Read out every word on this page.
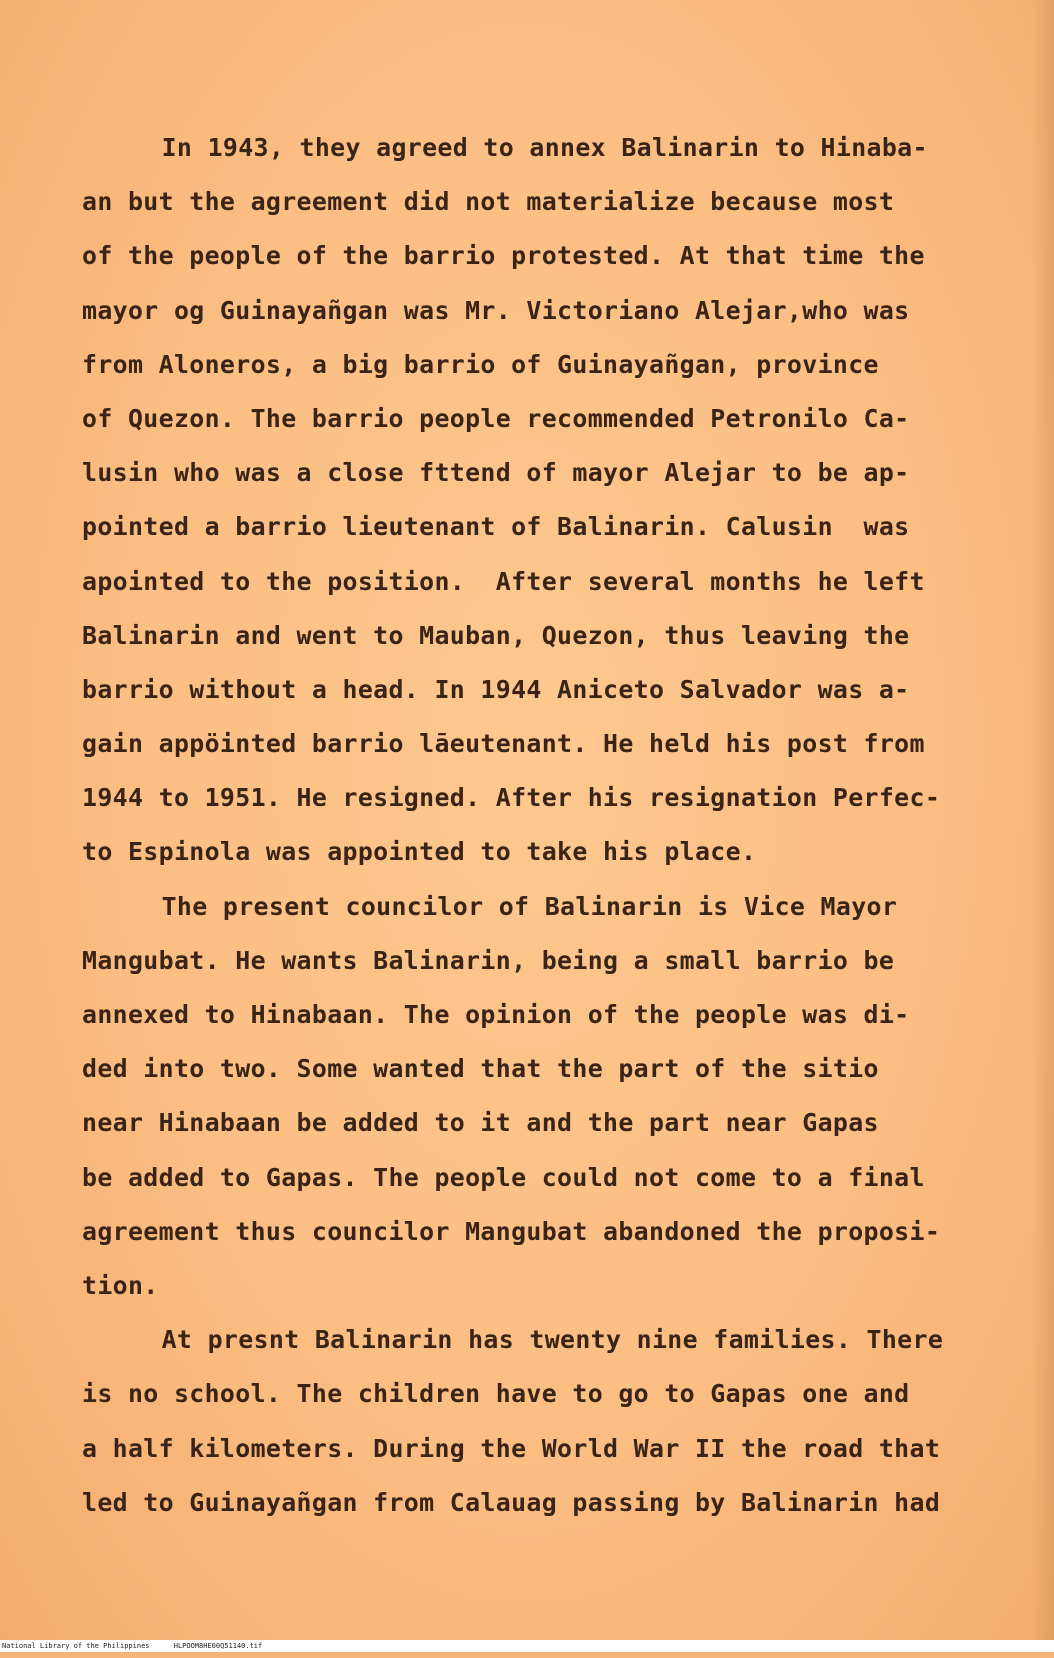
In 1943, they agreed to annex Balinarin to Hinaba-
an but the agreement did not materialize because most
of the people of the barrio protested. At that time the
mayor og Guinayañgan was Mr. Victoriano Alejar,who was
from Aloneros, a big barrio of Guinayañgan, province
of Quezon. The barrio people recommended Petronilo Ca-
lusin who was a close fttend of mayor Alejar to be ap-
pointed a barrio lieutenant of Balinarin. Calusin  was
apointed to the position.  After several months he left
Balinarin and went to Mauban, Quezon, thus leaving the
barrio without a head. In 1944 Aniceto Salvador was a-
gain appöinted barrio lāeutenant. He held his post from
1944 to 1951. He resigned. After his resignation Perfec-
to Espinola was appointed to take his place.
The present councilor of Balinarin is Vice Mayor
Mangubat. He wants Balinarin, being a small barrio be
annexed to Hinabaan. The opinion of the people was di-
ded into two. Some wanted that the part of the sitio
near Hinabaan be added to it and the part near Gapas
be added to Gapas. The people could not come to a final
agreement thus councilor Mangubat abandoned the proposi-
tion.
At presnt Balinarin has twenty nine families. There
is no school. The children have to go to Gapas one and
a half kilometers. During the World War II the road that
led to Guinayañgan from Calauag passing by Balinarin had
National Library of the Philippines	HLPOOM8HE00Q51140.tif
